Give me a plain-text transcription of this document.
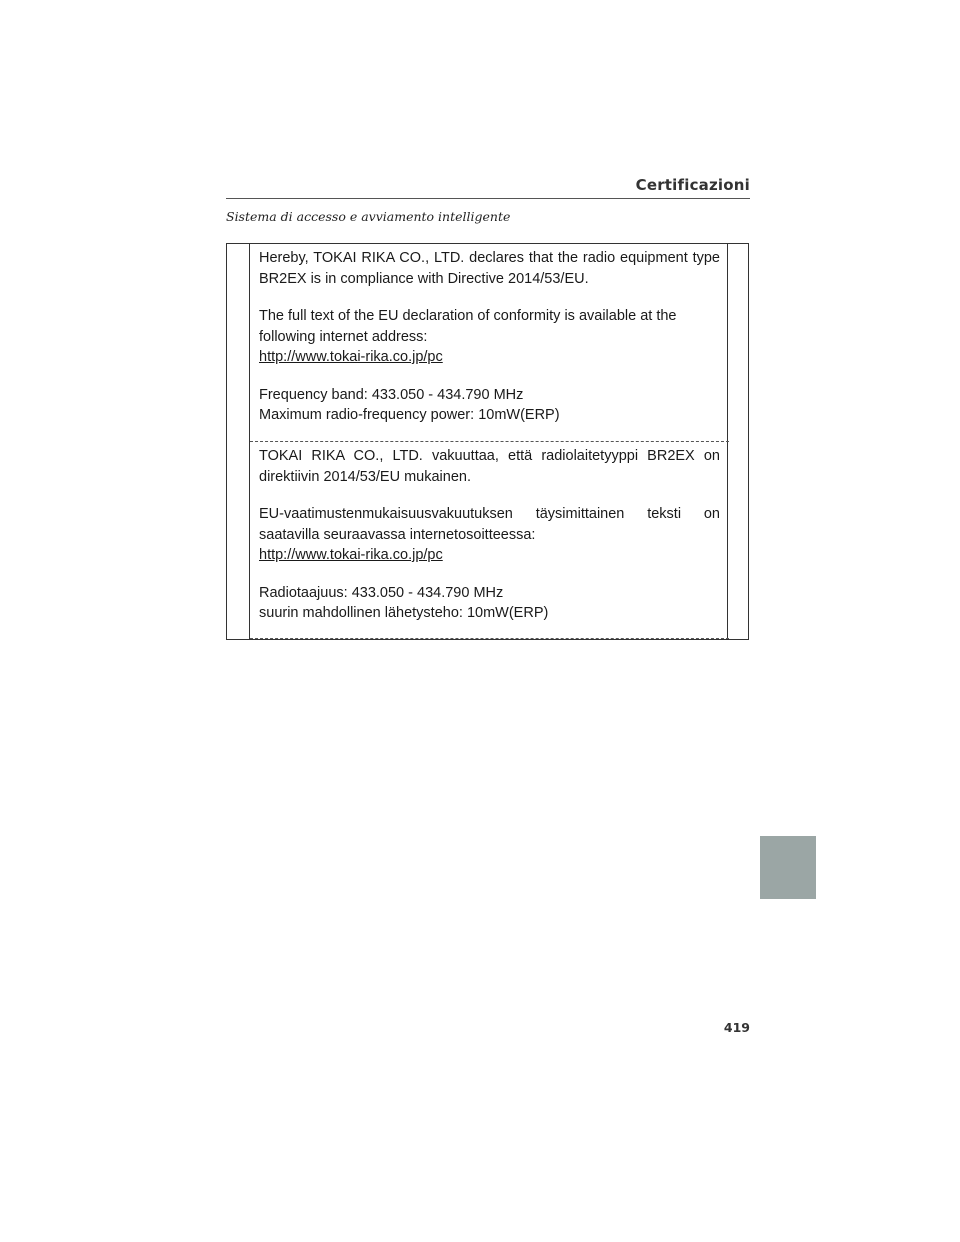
Certificazioni
Sistema di accesso e avviamento intelligente

Hereby, TOKAI RIKA CO., LTD. declares that the radio equipment type
BR2EX is in compliance with Directive 2014/53/EU.

The full text of the EU declaration of conformity is available at the
following internet address:
http://www.tokai-rika.co.jp/pc

Frequency band: 433.050 - 434.790 MHz
Maximum radio-frequency power: 10mW(ERP)

TOKAI RIKA CO., LTD. vakuuttaa, että radiolaitetyyppi BR2EX on
direktiivin 2014/53/EU mukainen.

EU-vaatimustenmukaisuusvakuutuksen täysimittainen teksti on
saatavilla seuraavassa internetosoitteessa:
http://www.tokai-rika.co.jp/pc

Radiotaajuus: 433.050 - 434.790 MHz
suurin mahdollinen lähetysteho: 10mW(ERP)

419
